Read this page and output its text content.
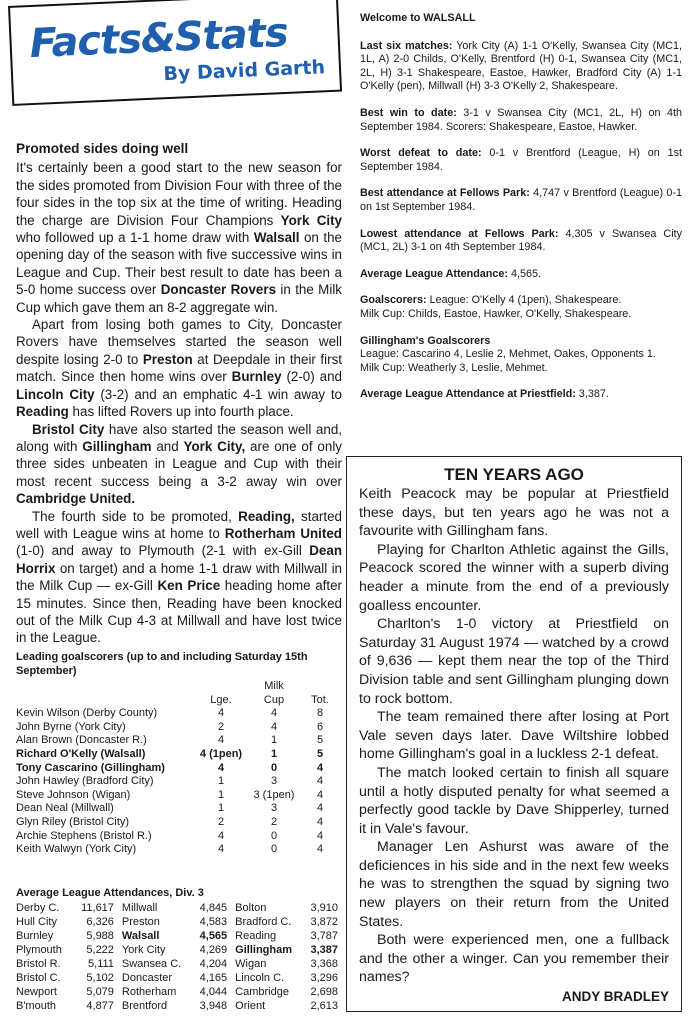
Facts&Stats
By David Garth
Promoted sides doing well

It's certainly been a good start to the new season for the sides promoted from Division Four with three of the four sides in the top six at the time of writing. Heading the charge are Division Four Champions York City who followed up a 1-1 home draw with Walsall on the opening day of the season with five successive wins in League and Cup. Their best result to date has been a 5-0 home success over Doncaster Rovers in the Milk Cup which gave them an 8-2 aggregate win.

Apart from losing both games to City, Doncaster Rovers have themselves started the season well despite losing 2-0 to Preston at Deepdale in their first match. Since then home wins over Burnley (2-0) and Lincoln City (3-2) and an emphatic 4-1 win away to Reading has lifted Rovers up into fourth place.

Bristol City have also started the season well and, along with Gillingham and York City, are one of only three sides unbeaten in League and Cup with their most recent success being a 3-2 away win over Cambridge United.

The fourth side to be promoted, Reading, started well with League wins at home to Rotherham United (1-0) and away to Plymouth (2-1 with ex-Gill Dean Horrix on target) and a home 1-1 draw with Millwall in the Milk Cup — ex-Gill Ken Price heading home after 15 minutes. Since then, Reading have been knocked out of the Milk Cup 4-3 at Millwall and have lost twice in the League.

Leading goalscorers (up to and including Saturday 15th September)
		Milk	
	Lge.	Cup	Tot.
Kevin Wilson (Derby County)	4	4	8
John Byrne (York City)	2	4	6
Alan Brown (Doncaster R.)	4	1	5
Richard O'Kelly (Walsall)	4 (1pen)	1	5
Tony Cascarino (Gillingham)	4	0	4
John Hawley (Bradford City)	1	3	4
Steve Johnson (Wigan)	1	3 (1pen)	4
Dean Neal (Millwall)	1	3	4
Glyn Riley (Bristol City)	2	2	4
Archie Stephens (Bristol R.)	4	0	4
Keith Walwyn (York City)	4	0	4
Average League Attendances, Div. 3
Derby C.	11,617	Millwall	4,845	Bolton	3,910
Hull City	6,326	Preston	4,583	Bradford C.	3,872
Burnley	5,988	Walsall	4,565	Reading	3,787
Plymouth	5,222	York City	4,269	Gillingham	3,387
Bristol R.	5,111	Swansea C.	4,204	Wigan	3,368
Bristol C.	5,102	Doncaster	4,165	Lincoln C.	3,296
Newport	5,079	Rotherham	4,044	Cambridge	2,698
B'mouth	4,877	Brentford	3,948	Orient	2,613
Welcome to WALSALL
Last six matches: York City (A) 1-1 O'Kelly, Swansea City (MC1, 1L, A) 2-0 Childs, O'Kelly, Brentford (H) 0-1, Swansea City (MC1, 2L, H) 3-1 Shakespeare, Eastoe, Hawker, Bradford City (A) 1-1 O'Kelly (pen), Millwall (H) 3-3 O'Kelly 2, Shakespeare.
Best win to date: 3-1 v Swansea City (MC1, 2L, H) on 4th September 1984. Scorers: Shakespeare, Eastoe, Hawker.
Worst defeat to date: 0-1 v Brentford (League, H) on 1st September 1984.
Best attendance at Fellows Park: 4,747 v Brentford (League) 0-1 on 1st September 1984.
Lowest attendance at Fellows Park: 4,305 v Swansea City (MC1, 2L) 3-1 on 4th September 1984.
Average League Attendance: 4,565.
Goalscorers: League: O'Kelly 4 (1pen), Shakespeare.
Milk Cup: Childs, Eastoe, Hawker, O'Kelly, Shakespeare.
Gillingham's Goalscorers
League: Cascarino 4, Leslie 2, Mehmet, Oakes, Opponents 1.
Milk Cup: Weatherly 3, Leslie, Mehmet.
Average League Attendance at Priestfield: 3,387.
TEN YEARS AGO

Keith Peacock may be popular at Priestfield these days, but ten years ago he was not a favourite with Gillingham fans.

Playing for Charlton Athletic against the Gills, Peacock scored the winner with a superb diving header a minute from the end of a previously goalless encounter.

Charlton's 1-0 victory at Priestfield on Saturday 31 August 1974 — watched by a crowd of 9,636 — kept them near the top of the Third Division table and sent Gillingham plunging down to rock bottom.

The team remained there after losing at Port Vale seven days later. Dave Wiltshire lobbed home Gillingham's goal in a luckless 2-1 defeat.

The match looked certain to finish all square until a hotly disputed penalty for what seemed a perfectly good tackle by Dave Shipperley, turned it in Vale's favour.

Manager Len Ashurst was aware of the deficiences in his side and in the next few weeks he was to strengthen the squad by signing two new players on their return from the United States.

Both were experienced men, one a fullback and the other a winger. Can you remember their names?

ANDY BRADLEY
